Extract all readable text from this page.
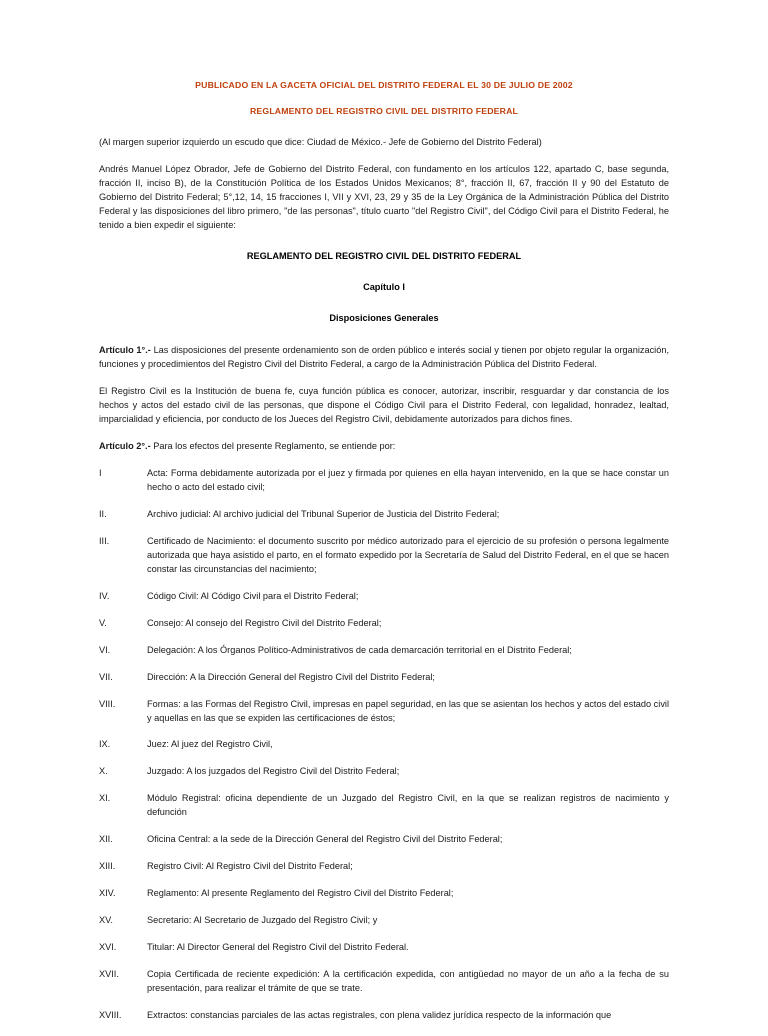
PUBLICADO EN LA GACETA OFICIAL DEL DISTRITO FEDERAL EL 30 DE JULIO DE 2002
REGLAMENTO DEL REGISTRO CIVIL DEL DISTRITO FEDERAL

(Al margen superior izquierdo un escudo que dice: Ciudad de México.- Jefe de Gobierno del Distrito Federal)

Andrés Manuel López Obrador, Jefe de Gobierno del Distrito Federal, con fundamento en los artículos 122, apartado C, base segunda, fracción II, inciso B), de la Constitución Política de los Estados Unidos Mexicanos; 8°, fracción II, 67, fracción II y 90 del Estatuto de Gobierno del Distrito Federal; 5°,12, 14, 15 fracciones I, VII y XVI, 23, 29 y 35 de la Ley Orgánica de la Administración Pública del Distrito Federal y las disposiciones del libro primero, "de las personas", título cuarto "del Registro Civil", del Código Civil para el Distrito Federal, he tenido a bien expedir el siguiente:

REGLAMENTO DEL REGISTRO CIVIL DEL DISTRITO FEDERAL
Capítulo I
Disposiciones Generales

Artículo 1°.- Las disposiciones del presente ordenamiento son de orden público e interés social y tienen por objeto regular la organización, funciones y procedimientos del Registro Civil del Distrito Federal, a cargo de la Administración Pública del Distrito Federal.

El Registro Civil es la Institución de buena fe, cuya función pública es conocer, autorizar, inscribir, resguardar y dar constancia de los hechos y actos del estado civil de las personas, que dispone el Código Civil para el Distrito Federal, con legalidad, honradez, lealtad, imparcialidad y eficiencia, por conducto de los Jueces del Registro Civil, debidamente autorizados para dichos fines.

Artículo 2°.- Para los efectos del presente Reglamento, se entiende por:

I	Acta: Forma debidamente autorizada por el juez y firmada por quienes en ella hayan intervenido, en la que se hace constar un hecho o acto del estado civil;
II.	Archivo judicial: Al archivo judicial del Tribunal Superior de Justicia del Distrito Federal;
III.	Certificado de Nacimiento: el documento suscrito por médico autorizado para el ejercicio de su profesión o persona legalmente autorizada que haya asistido el parto, en el formato expedido por la Secretaría de Salud del Distrito Federal, en el que se hacen constar las circunstancias del nacimiento;
IV.	Código Civil: Al Código Civil para el Distrito Federal;
V.	Consejo: Al consejo del Registro Civil del Distrito Federal;
VI.	Delegación: A los Órganos Político-Administrativos de cada demarcación territorial en el Distrito Federal;
VII.	Dirección: A la Dirección General del Registro Civil del Distrito Federal;
VIII.	Formas: a las Formas del Registro Civil, impresas en papel seguridad, en las que se asientan los hechos y actos del estado civil y aquellas en las que se expiden las certificaciones de éstos;
IX.	Juez: Al juez del Registro Civil,
X.	Juzgado: A los juzgados del Registro Civil del Distrito Federal;
XI.	Módulo Registral: oficina dependiente de un Juzgado del Registro Civil, en la que se realizan registros de nacimiento y defunción
XII.	Oficina Central: a la sede de la Dirección General del Registro Civil del Distrito Federal;
XIII.	Registro Civil: Al Registro Civil del Distrito Federal;
XIV.	Reglamento: Al presente Reglamento del Registro Civil del Distrito Federal;
XV.	Secretario: Al Secretario de Juzgado del Registro Civil; y
XVI.	Titular: Al Director General del Registro Civil del Distrito Federal.
XVII.	Copia Certificada de reciente expedición: A la certificación expedida, con antigüedad no mayor de un año a la fecha de su presentación, para realizar el trámite de que se trate.
XVIII.	Extractos: constancias parciales de las actas registrales, con plena validez jurídica respecto de la información que
